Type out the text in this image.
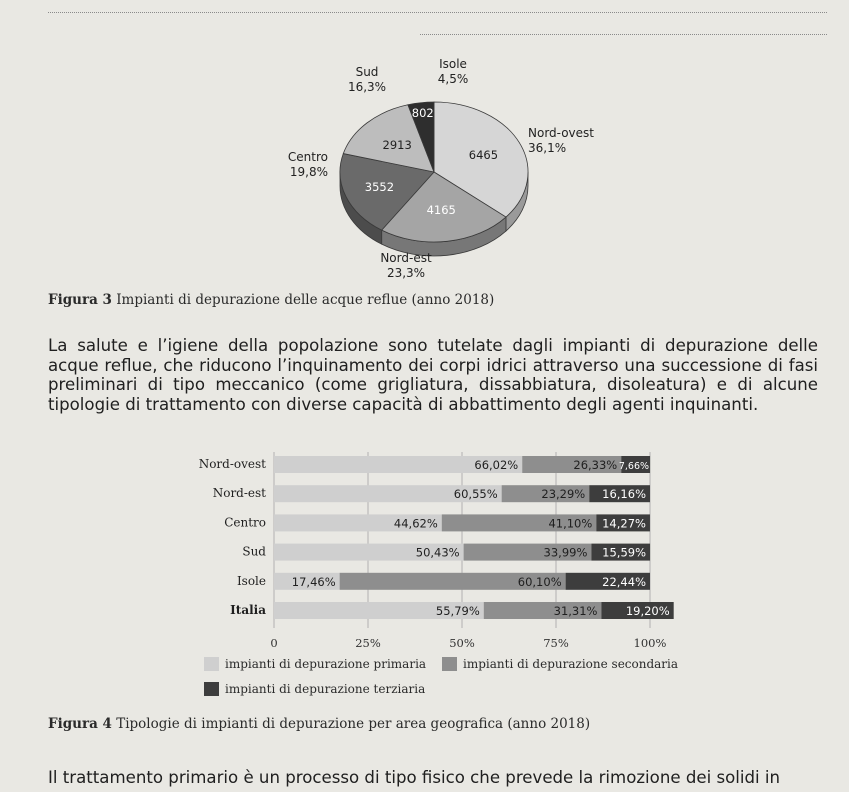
6465
4165
3552
2913
802
Nord-ovest
36,1%
Nord-est
23,3%
Centro
19,8%
Sud
16,3%
Isole
4,5%
Figura 3 Impianti di depurazione delle acque reflue (anno 2018)
La salute e l’igiene della popolazione sono tutelate dagli impianti di depurazione delle acque reflue, che riducono l’inquinamento dei corpi idrici attraverso una successione di fasi preliminari di tipo meccanico (come grigliatura, dissabbiatura, disoleatura) e di alcune tipologie di trattamento con diverse capacità di abbattimento degli agenti inquinanti.
0	25%	50%	75%	100%
Nord-ovest	66,02%	26,33% 7,66%
Nord-est	60,55%	23,29% 16,16%
Centro	44,62%	41,10% 14,27%
Sud	50,43%	33,99% 15,59%
Isole 17,46%	60,10%	22,44%
Italia	55,79%	31,31% 19,20%
impianti di depurazione primaria	impianti di depurazione secondaria
impianti di depurazione terziaria
Figura 4 Tipologie di impianti di depurazione per area geografica (anno 2018)
Il trattamento primario è un processo di tipo fisico che prevede la rimozione dei solidi in
